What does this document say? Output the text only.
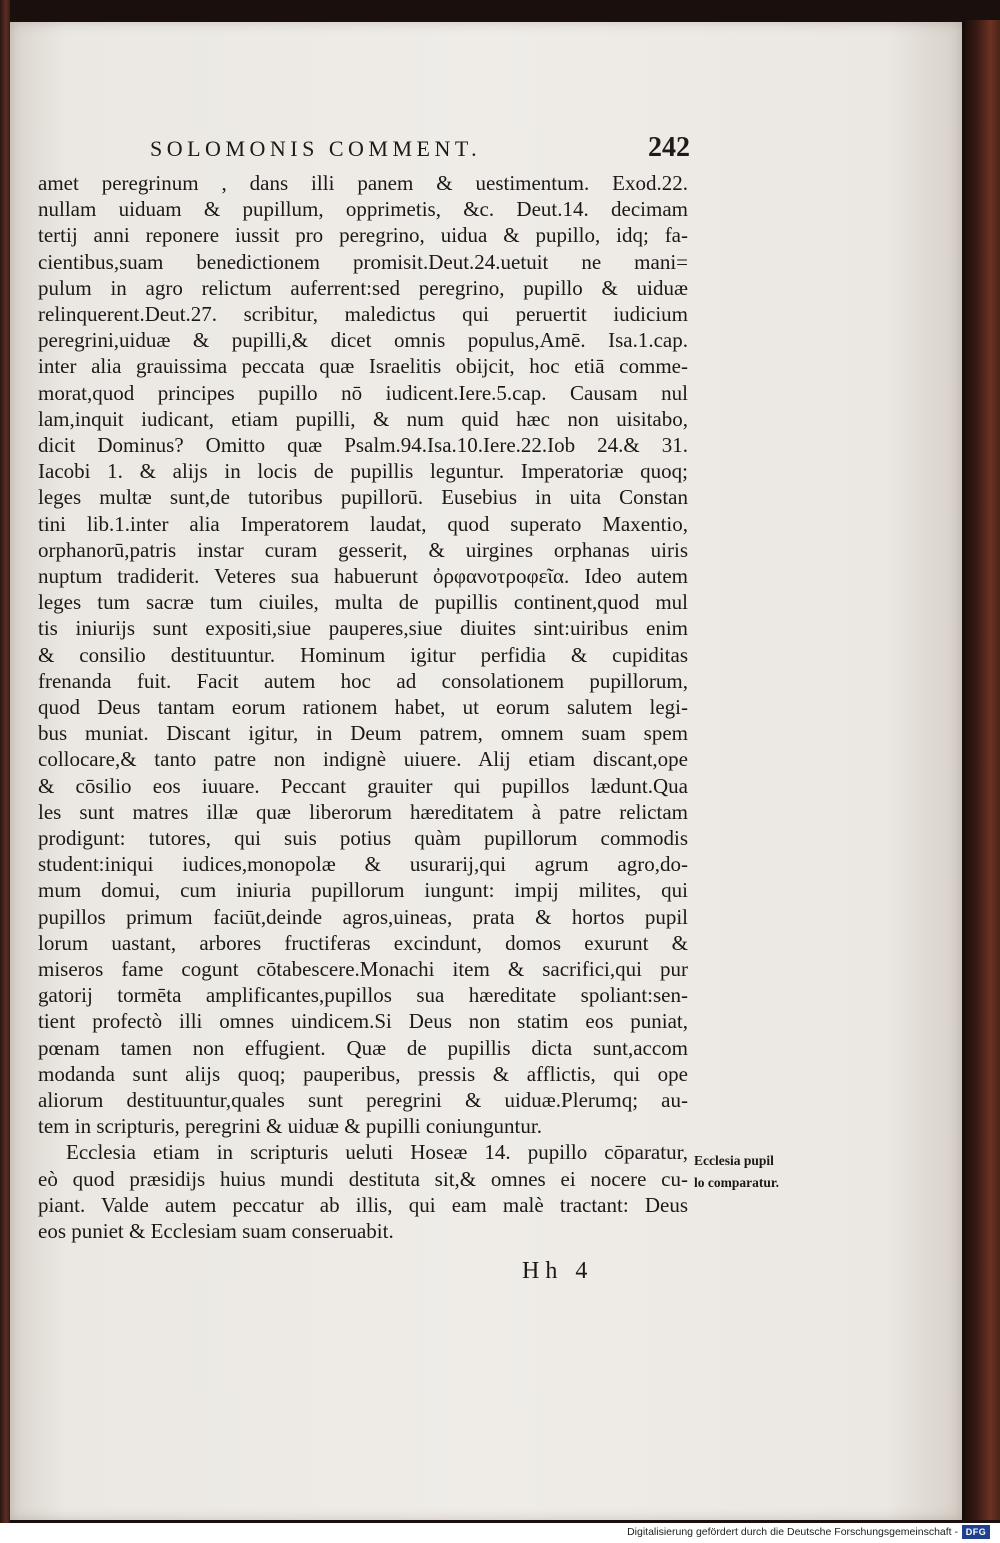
SOLOMONIS COMMENT.	242
amet peregrinum , dans illi panem & uestimentum. Exod.22.
nullam uiduam & pupillum, opprimetis, &c. Deut.14. decimam
tertij anni reponere iussit pro peregrino, uidua & pupillo, idq; fa-
cientibus,suam benedictionem promisit.Deut.24.uetuit ne mani=
pulum in agro relictum auferrent:sed peregrino, pupillo & uiduæ
relinquerent.Deut.27. scribitur, maledictus qui peruertit iudicium
peregrini,uiduæ & pupilli,& dicet omnis populus,Amē. Isa.1.cap.
inter alia grauissima peccata quæ Israelitis obijcit, hoc etiā comme-
morat,quod principes pupillo nō iudicent.Iere.5.cap. Causam nul
lam,inquit iudicant, etiam pupilli, & num quid hæc non uisitabo,
dicit Dominus? Omitto quæ Psalm.94.Isa.10.Iere.22.Iob 24.& 31.
Iacobi 1. & alijs in locis de pupillis leguntur. Imperatoriæ quoq;
leges multæ sunt,de tutoribus pupillorū. Eusebius in uita Constan
tini lib.1.inter alia Imperatorem laudat, quod superato Maxentio,
orphanorū,patris instar curam gesserit, & uirgines orphanas uiris
nuptum tradiderit. Veteres sua habuerunt ὀρφανοτροφεῖα. Ideo autem
leges tum sacræ tum ciuiles, multa de pupillis continent,quod mul
tis iniurijs sunt expositi,siue pauperes,siue diuites sint:uiribus enim
& consilio destituuntur. Hominum igitur perfidia & cupiditas
frenanda fuit. Facit autem hoc ad consolationem pupillorum,
quod Deus tantam eorum rationem habet, ut eorum salutem legi-
bus muniat. Discant igitur, in Deum patrem, omnem suam spem
collocare,& tanto patre non indignè uiuere. Alij etiam discant,ope
& cōsilio eos iuuare. Peccant grauiter qui pupillos lædunt.Qua
les sunt matres illæ quæ liberorum hæreditatem à patre relictam
prodigunt: tutores, qui suis potius quàm pupillorum commodis
student:iniqui iudices,monopolæ & usurarij,qui agrum agro,do-
mum domui, cum iniuria pupillorum iungunt: impij milites, qui
pupillos primum faciūt,deinde agros,uineas, prata & hortos pupil
lorum uastant, arbores fructiferas excindunt, domos exurunt &
miseros fame cogunt cōtabescere.Monachi item & sacrifici,qui pur
gatorij tormēta amplificantes,pupillos sua hæreditate spoliant:sen-
tient profectò illi omnes uindicem.Si Deus non statim eos puniat,
pœnam tamen non effugient. Quæ de pupillis dicta sunt,accom
modanda sunt alijs quoq; pauperibus, pressis & afflictis, qui ope
aliorum destituuntur,quales sunt peregrini & uiduæ.Plerumq; au-
tem in scripturis, peregrini & uiduæ & pupilli coniunguntur.
Ecclesia etiam in scripturis ueluti Hoseæ 14. pupillo cōparatur,
eò quod præsidijs huius mundi destituta sit,& omnes ei nocere cu-
piant. Valde autem peccatur ab illis, qui eam malè tractant: Deus
eos puniet & Ecclesiam suam conseruabit.
Ecclesia pupil
lo comparatur.
Hh 4
Digitalisierung gefördert durch die Deutsche Forschungsgemeinschaft - DFG
